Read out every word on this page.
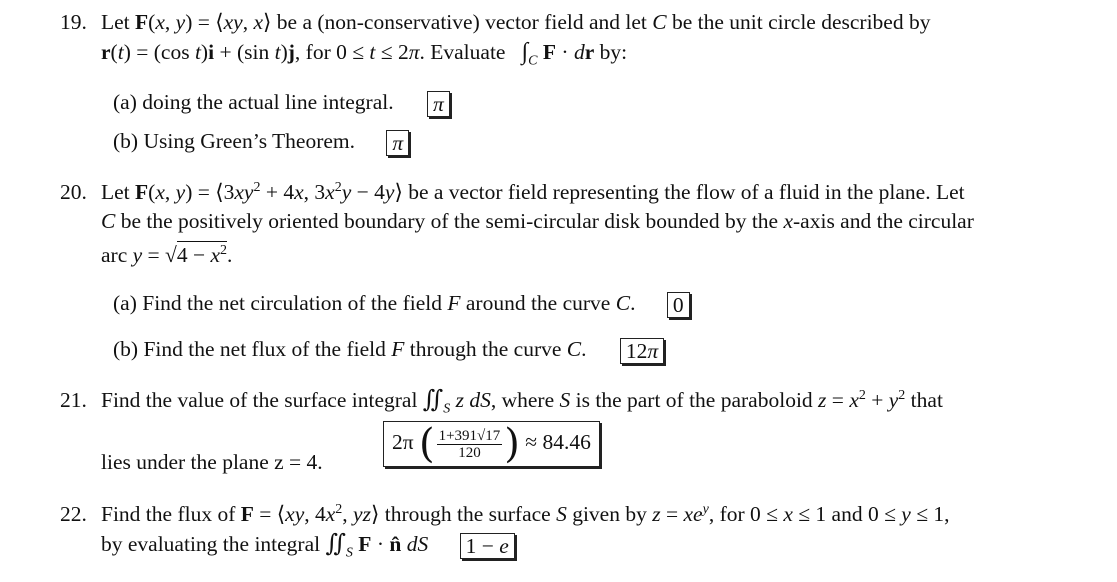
19. Let F(x, y) = ⟨xy, x⟩ be a (non-conservative) vector field and let C be the unit circle described by
r(t) = (cos t)i + (sin t)j, for 0 ≤ t ≤ 2π. Evaluate   $\int_C$ F · dr by:
(a) doing the actual line integral. π
(b) Using Green’s Theorem. π
20. Let F(x, $y) = ⟨3xy^2 + 4x$, $3x^2y$ − 4y⟩ be a vector field representing the flow of a fluid in the plane. Let
C be the positively oriented boundary of the semi-circular disk bounded by the x-axis and the circular
arc $y = √4 - x^2$.
(a) Find the net circulation of the field F around the curve C. 0
(b) Find the net flux of the field F through the curve C. 12π
21. Find the value of the surface integral $∬_S$ z dS, where S is the part of the paraboloid $z = x^2 + y^2$ that
lies under the plane z = 4.
2π ( $\frac{1+391√17}{120}$ ) ≈ 84.46
22. Find the flux of F = ⟨xy, $4x^2$, yz⟩ through the surface S given by $z = xe^y$, for 0 ≤ x ≤ 1 and 0 ≤ y ≤ 1,
by evaluating the integral $∬_S$ F · n̂ dS 1 − e
